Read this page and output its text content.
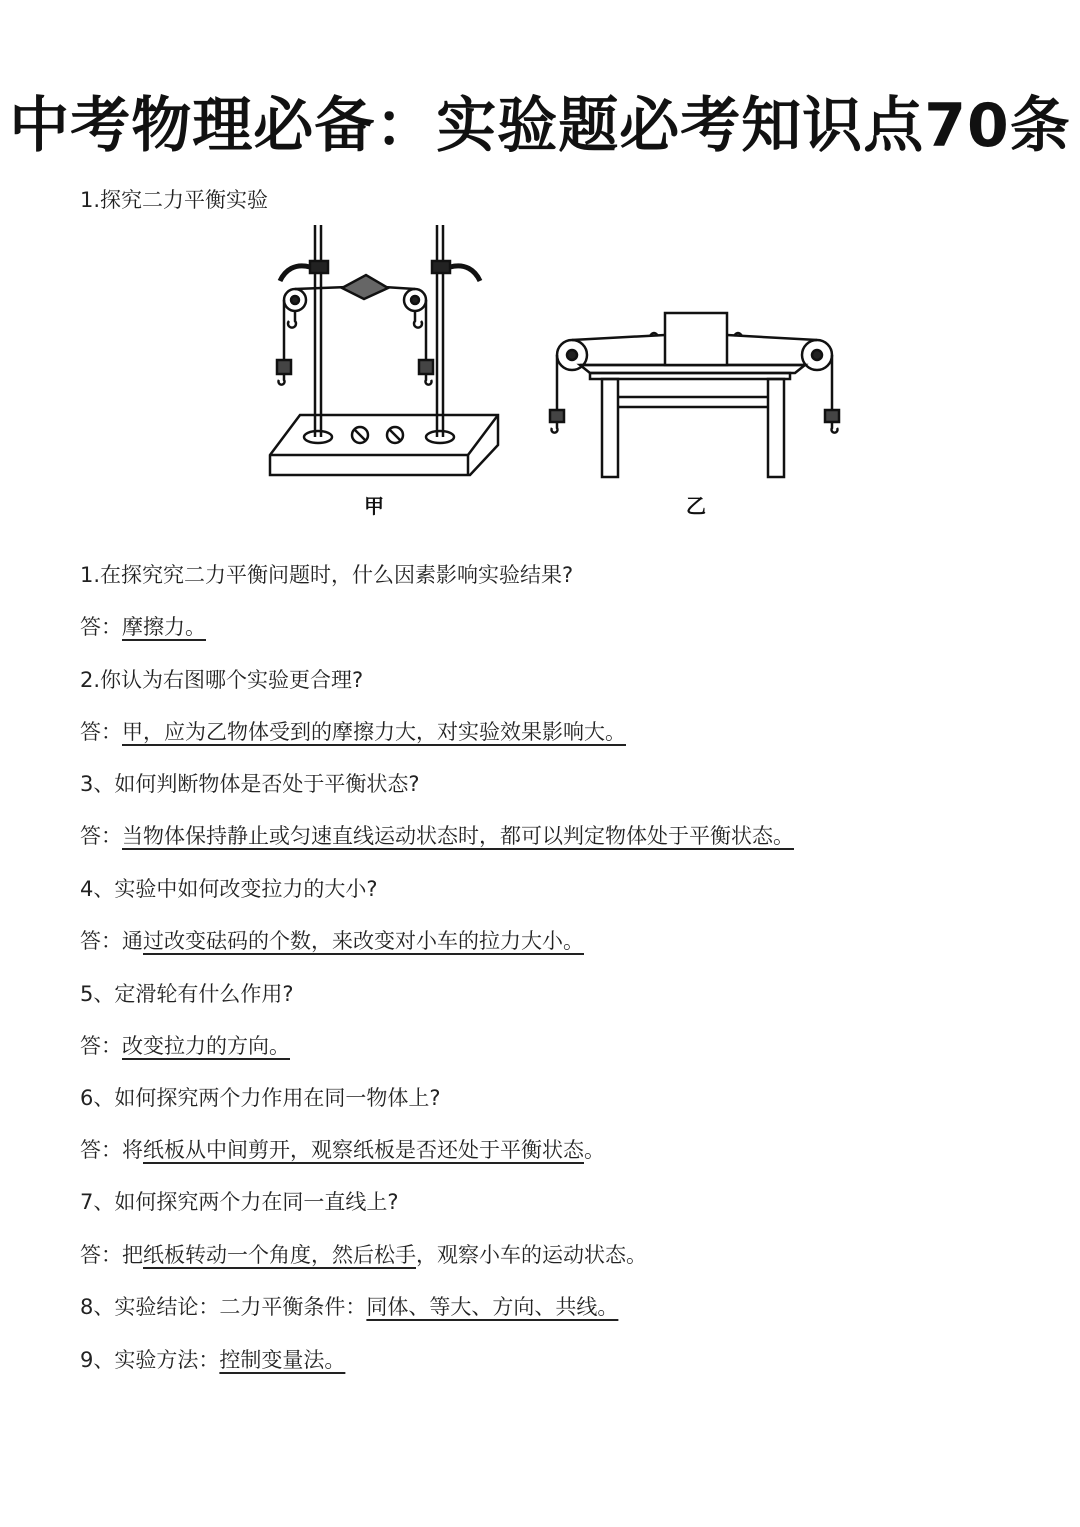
中考物理必备：实验题必考知识点70条
1.探究二力平衡实验
甲	乙
1.在探究究二力平衡问题时，什么因素影响实验结果?
答：摩擦力。
2.你认为右图哪个实验更合理?
答：甲，应为乙物体受到的摩擦力大，对实验效果影响大。
3、如何判断物体是否处于平衡状态?
答：当物体保持静止或匀速直线运动状态时，都可以判定物体处于平衡状态。
4、实验中如何改变拉力的大小?
答：通过改变砝码的个数，来改变对小车的拉力大小。
5、定滑轮有什么作用?
答：改变拉力的方向。
6、如何探究两个力作用在同一物体上?
答：将纸板从中间剪开，观察纸板是否还处于平衡状态。
7、如何探究两个力在同一直线上?
答：把纸板转动一个角度，然后松手，观察小车的运动状态。
8、实验结论：二力平衡条件：同体、等大、方向、共线。
9、实验方法：控制变量法。
